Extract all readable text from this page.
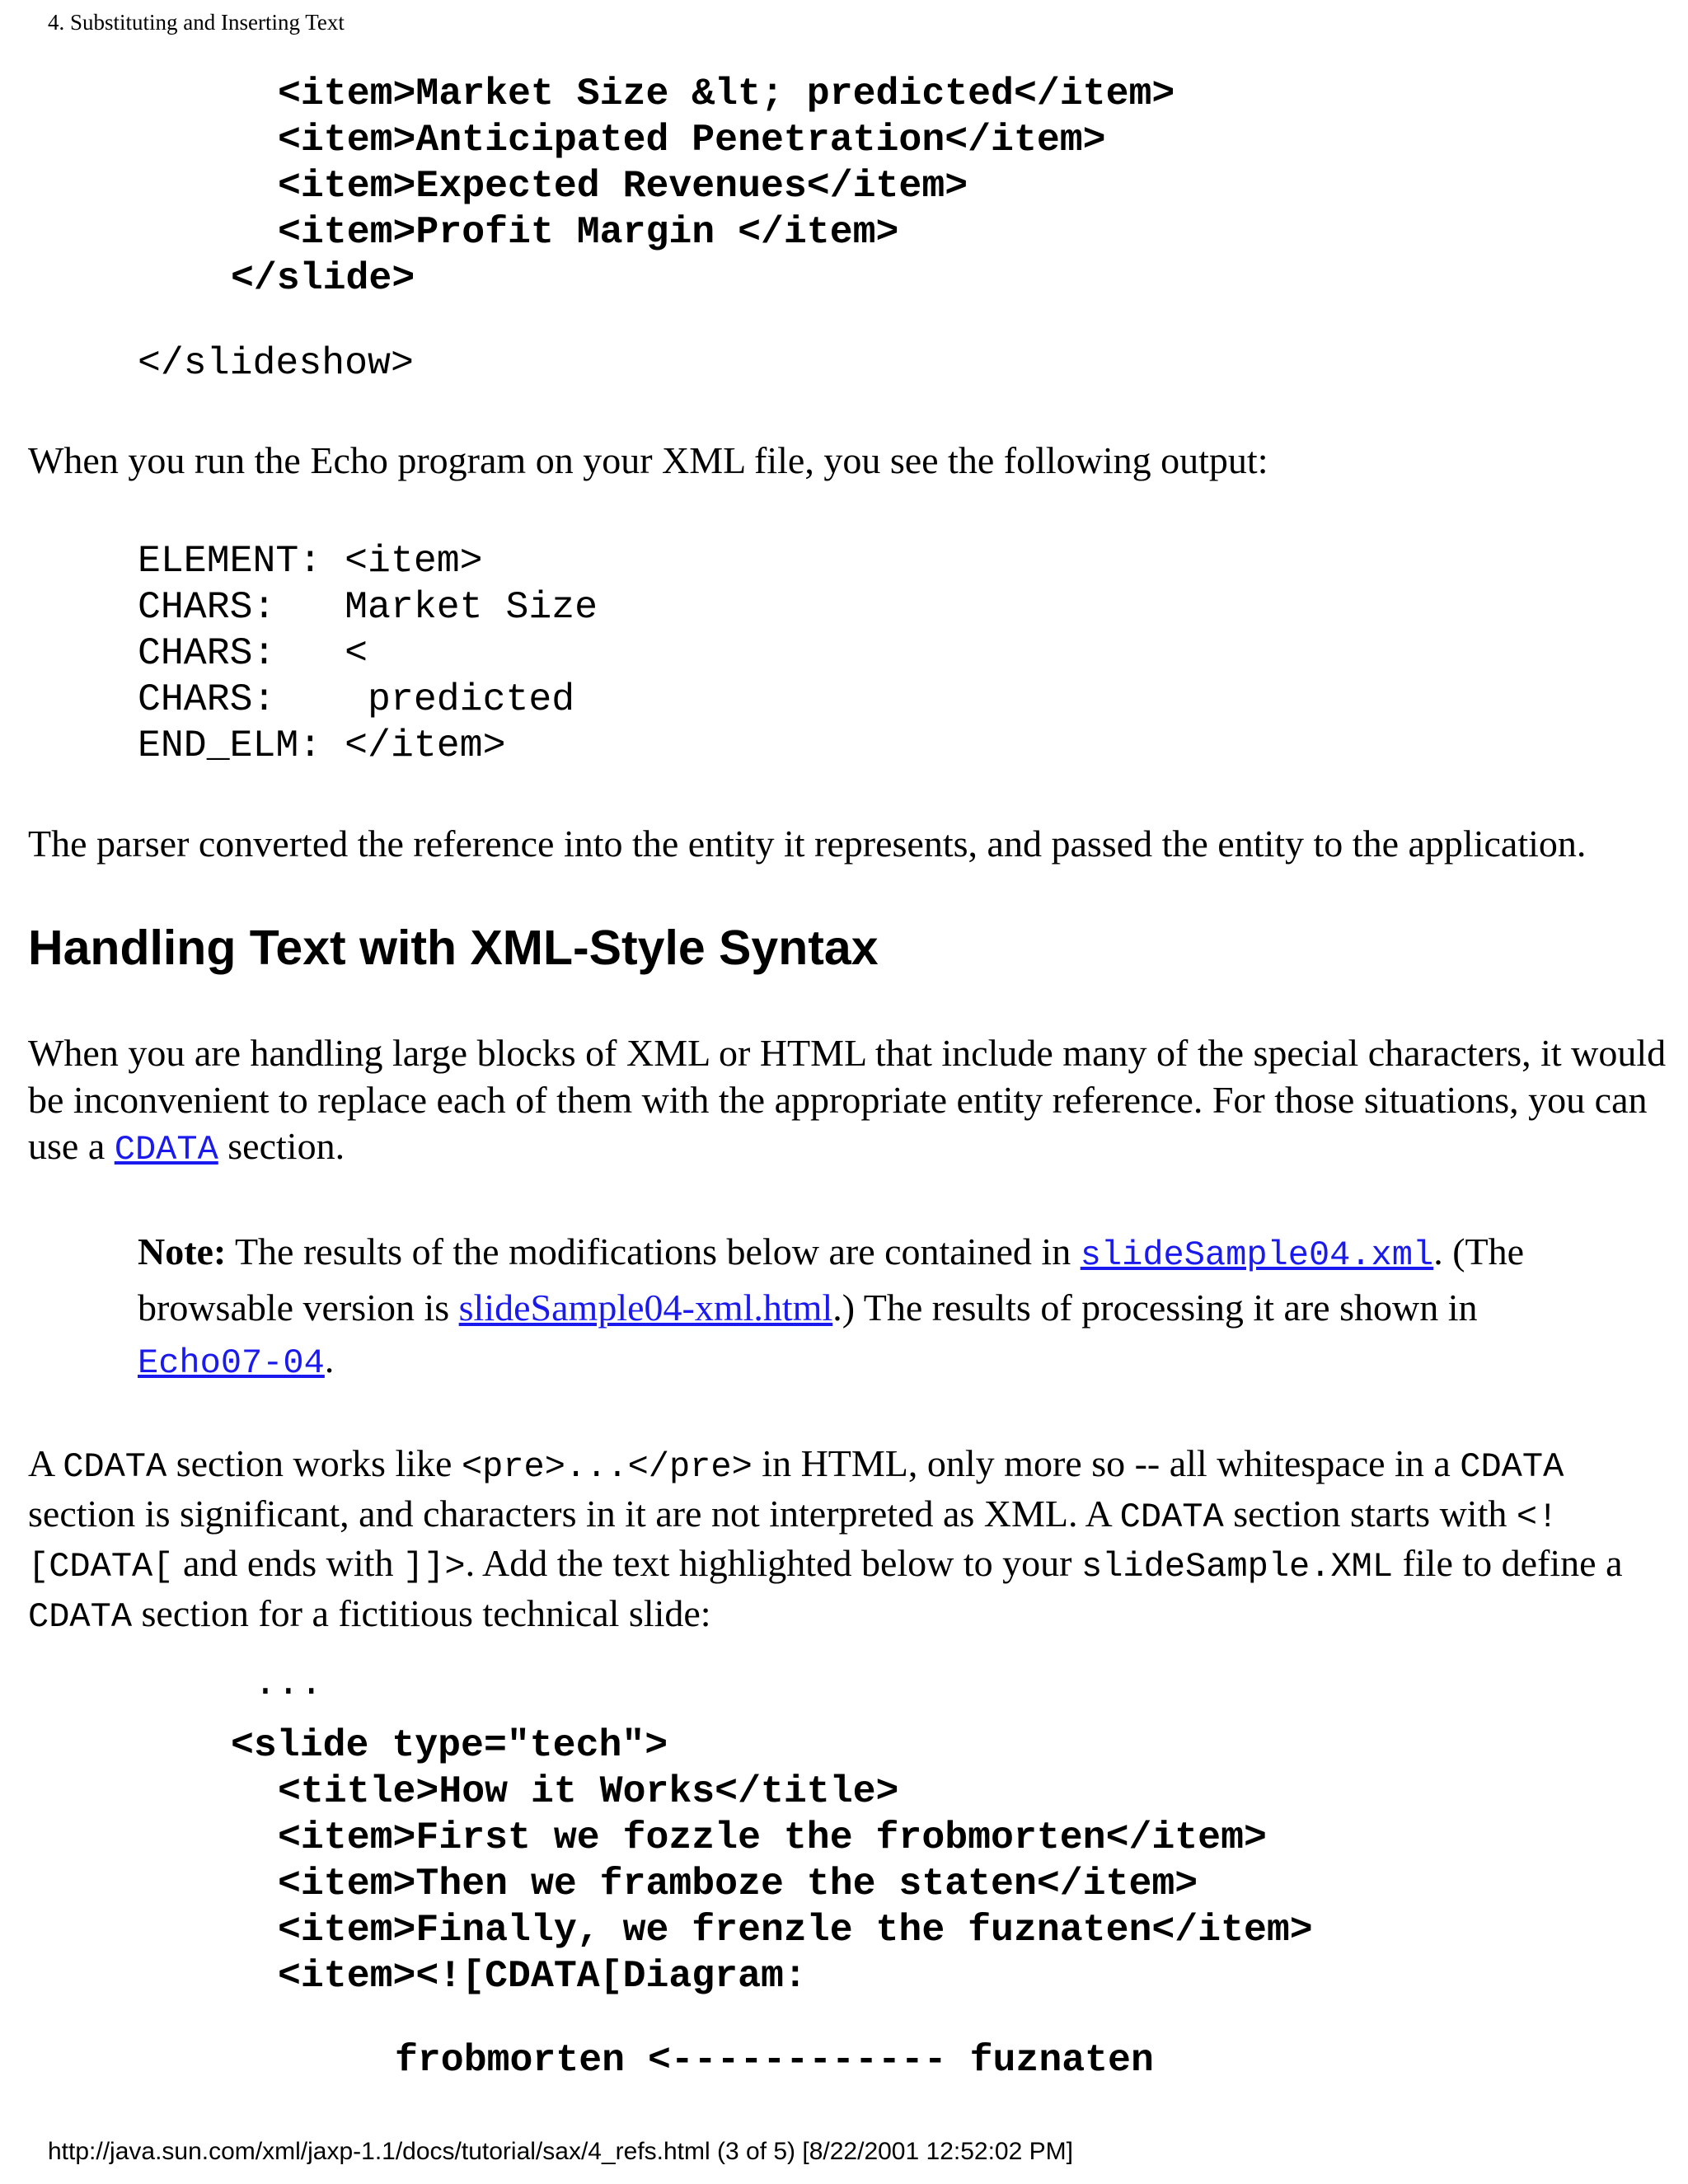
4. Substituting and Inserting Text
<item>Market Size &lt; predicted</item>
<item>Anticipated Penetration</item>
<item>Expected Revenues</item>
<item>Profit Margin </item>
</slide>
</slideshow>
When you run the Echo program on your XML file, you see the following output:
ELEMENT: <item>
CHARS:   Market Size
CHARS:   <
CHARS:    predicted
END_ELM: </item>
The parser converted the reference into the entity it represents, and passed the entity to the application.
Handling Text with XML-Style Syntax
When you are handling large blocks of XML or HTML that include many of the special characters, it would be inconvenient to replace each of them with the appropriate entity reference. For those situations, you can use a CDATA section.
Note: The results of the modifications below are contained in slideSample04.xml. (The browsable version is slideSample04-xml.html.) The results of processing it are shown in Echo07-04.
A CDATA section works like <pre>...</pre> in HTML, only more so -- all whitespace in a CDATA section is significant, and characters in it are not interpreted as XML. A CDATA section starts with <![CDATA[ and ends with ]]>. Add the text highlighted below to your slideSample.XML file to define a CDATA section for a fictitious technical slide:
...
<slide type="tech">
<title>How it Works</title>
<item>First we fozzle the frobmorten</item>
<item>Then we framboze the staten</item>
<item>Finally, we frenzle the fuznaten</item>
<item><![CDATA[Diagram:
frobmorten <------------ fuznaten
http://java.sun.com/xml/jaxp-1.1/docs/tutorial/sax/4_refs.html (3 of 5) [8/22/2001 12:52:02 PM]
